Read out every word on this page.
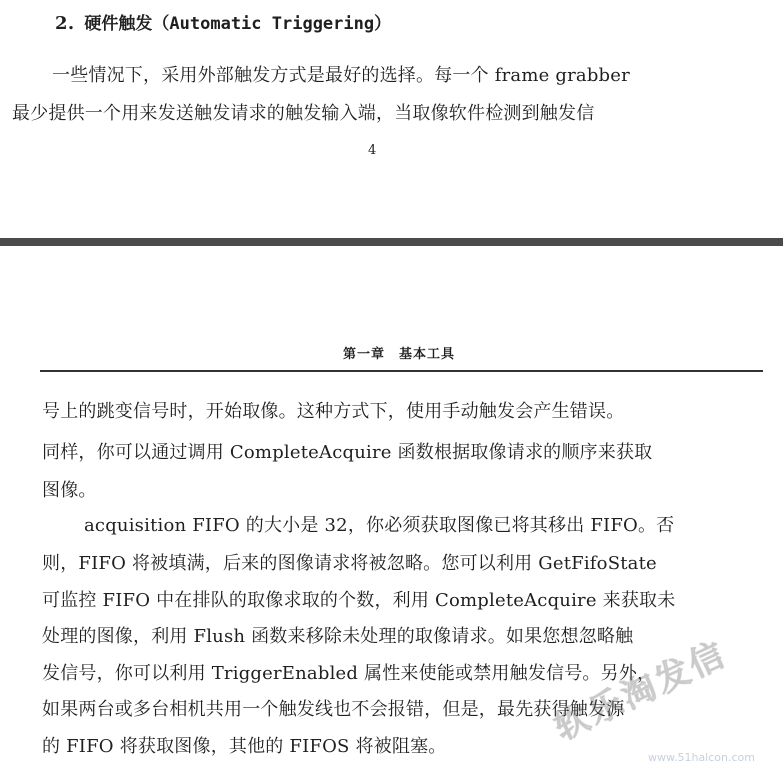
2. 硬件触发（Automatic Triggering）
一些情况下，采用外部触发方式是最好的选择。每一个 frame grabber
最少提供一个用来发送触发请求的触发输入端，当取像软件检测到触发信
4
第一章　基本工具
号上的跳变信号时，开始取像。这种方式下，使用手动触发会产生错误。
同样，你可以通过调用 CompleteAcquire 函数根据取像请求的顺序来获取
图像。
acquisition FIFO 的大小是 32，你必须获取图像已将其移出 FIFO。否
则，FIFO 将被填满，后来的图像请求将被忽略。您可以利用 GetFifoState
可监控 FIFO 中在排队的取像求取的个数，利用 CompleteAcquire 来获取未
处理的图像，利用 Flush 函数来移除未处理的取像请求。如果您想忽略触
发信号，你可以利用 TriggerEnabled 属性来使能或禁用触发信号。另外，
如果两台或多台相机共用一个触发线也不会报错，但是，最先获得触发源
的 FIFO 将获取图像，其他的 FIFOS 将被阻塞。	软乐淘发信
www.51halcon.com
